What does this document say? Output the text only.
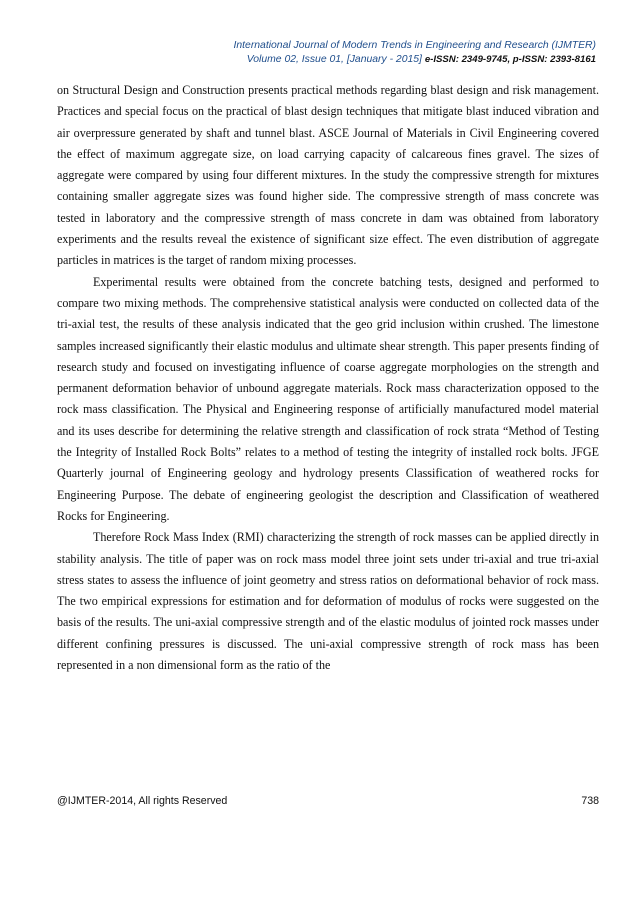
International Journal of Modern Trends in Engineering and Research (IJMTER)
Volume 02, Issue 01, [January - 2015] e-ISSN: 2349-9745, p-ISSN: 2393-8161

on Structural Design and Construction presents practical methods regarding blast design and risk management. Practices and special focus on the practical of blast design techniques that mitigate blast induced vibration and air overpressure generated by shaft and tunnel blast. ASCE Journal of Materials in Civil Engineering covered the effect of maximum aggregate size, on load carrying capacity of calcareous fines gravel. The sizes of aggregate were compared by using four different mixtures. In the study the compressive strength for mixtures containing smaller aggregate sizes was found higher side. The compressive strength of mass concrete was tested in laboratory and the compressive strength of mass concrete in dam was obtained from laboratory experiments and the results reveal the existence of significant size effect. The even distribution of aggregate particles in matrices is the target of random mixing processes.

Experimental results were obtained from the concrete batching tests, designed and performed to compare two mixing methods. The comprehensive statistical analysis were conducted on collected data of the tri-axial test, the results of these analysis indicated that the geo grid inclusion within crushed. The limestone samples increased significantly their elastic modulus and ultimate shear strength. This paper presents finding of research study and focused on investigating influence of coarse aggregate morphologies on the strength and permanent deformation behavior of unbound aggregate materials. Rock mass characterization opposed to the rock mass classification. The Physical and Engineering response of artificially manufactured model material and its uses describe for determining the relative strength and classification of rock strata “Method of Testing the Integrity of Installed Rock Bolts” relates to a method of testing the integrity of installed rock bolts. JFGE Quarterly journal of Engineering geology and hydrology presents Classification of weathered rocks for Engineering Purpose. The debate of engineering geologist the description and Classification of weathered Rocks for Engineering.

Therefore Rock Mass Index (RMI) characterizing the strength of rock masses can be applied directly in stability analysis. The title of paper was on rock mass model three joint sets under tri-axial and true tri-axial stress states to assess the influence of joint geometry and stress ratios on deformational behavior of rock mass. The two empirical expressions for estimation and for deformation of modulus of rocks were suggested on the basis of the results. The uni-axial compressive strength and of the elastic modulus of jointed rock masses under different confining pressures is discussed. The uni-axial compressive strength of rock mass has been represented in a non dimensional form as the ratio of the

@IJMTER-2014, All rights Reserved	738
